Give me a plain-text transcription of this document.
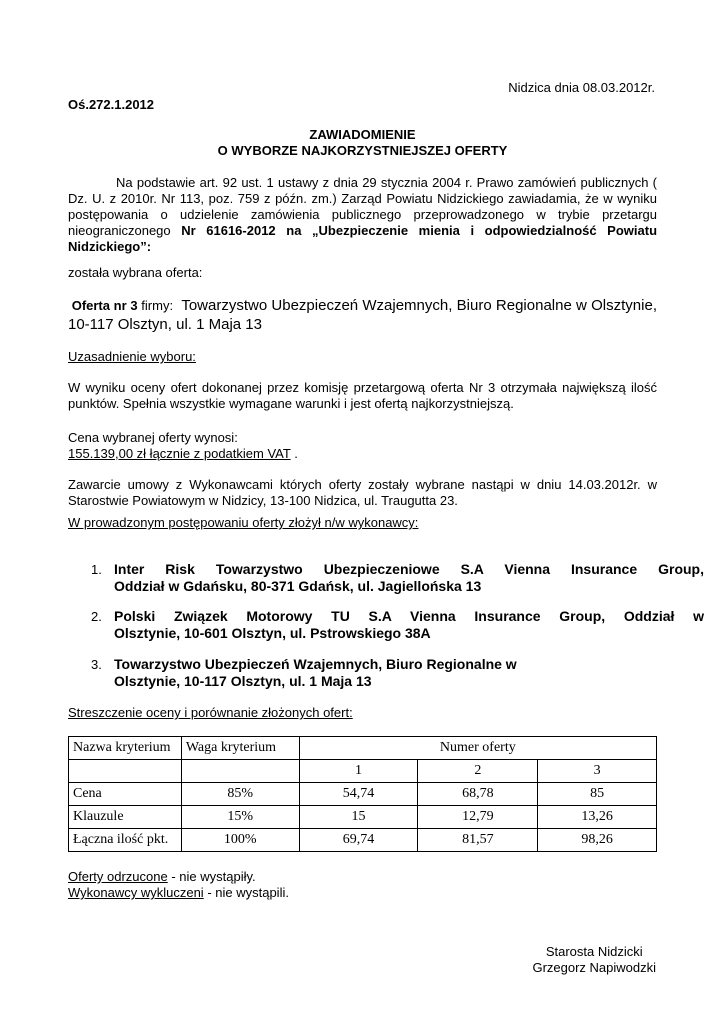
Nidzica dnia 08.03.2012r.
Oś.272.1.2012
ZAWIADOMIENIE
O WYBORZE NAJKORZYSTNIEJSZEJ OFERTY
Na podstawie art. 92 ust. 1 ustawy z dnia 29 stycznia 2004 r. Prawo zamówień publicznych ( Dz. U. z 2010r. Nr 113, poz. 759 z późn. zm.) Zarząd Powiatu Nidzickiego zawiadamia, że w wyniku postępowania o udzielenie zamówienia publicznego przeprowadzonego w trybie przetargu nieograniczonego Nr 61616-2012 na „Ubezpieczenie mienia i odpowiedzialność Powiatu Nidzickiego”:
została wybrana oferta:
Oferta nr 3 firmy: Towarzystwo Ubezpieczeń Wzajemnych, Biuro Regionalne w Olsztynie, 10-117 Olsztyn, ul. 1 Maja 13
Uzasadnienie wyboru:
W wyniku oceny ofert dokonanej przez komisję przetargową oferta Nr 3 otrzymała największą ilość punktów. Spełnia wszystkie wymagane warunki i jest ofertą najkorzystniejszą.
Cena wybranej oferty wynosi:
155.139,00 zł łącznie z podatkiem VAT .
Zawarcie umowy z Wykonawcami których oferty zostały wybrane nastąpi w dniu 14.03.2012r. w Starostwie Powiatowym w Nidzicy, 13-100 Nidzica, ul. Traugutta 23.
W prowadzonym postępowaniu oferty złożył n/w wykonawcy:
1. Inter Risk Towarzystwo Ubezpieczeniowe S.A Vienna Insurance Group,
Oddział w Gdańsku, 80-371 Gdańsk, ul. Jagiellońska 13
2. Polski Związek Motorowy TU S.A Vienna Insurance Group, Oddział w
Olsztynie, 10-601 Olsztyn, ul. Pstrowskiego 38A
3. Towarzystwo Ubezpieczeń Wzajemnych, Biuro Regionalne w
Olsztynie, 10-117 Olsztyn, ul. 1 Maja 13
Streszczenie oceny i porównanie złożonych ofert:
Nazwa kryterium	Waga kryterium	Numer oferty		
		1	2	3
Cena	85%	54,74	68,78	85
Klauzule	15%	15	12,79	13,26
Łączna ilość pkt.	100%	69,74	81,57	98,26
Oferty odrzucone - nie wystąpiły.
Wykonawcy wykluczeni - nie wystąpili.
Starosta Nidzicki
Grzegorz Napiwodzki
